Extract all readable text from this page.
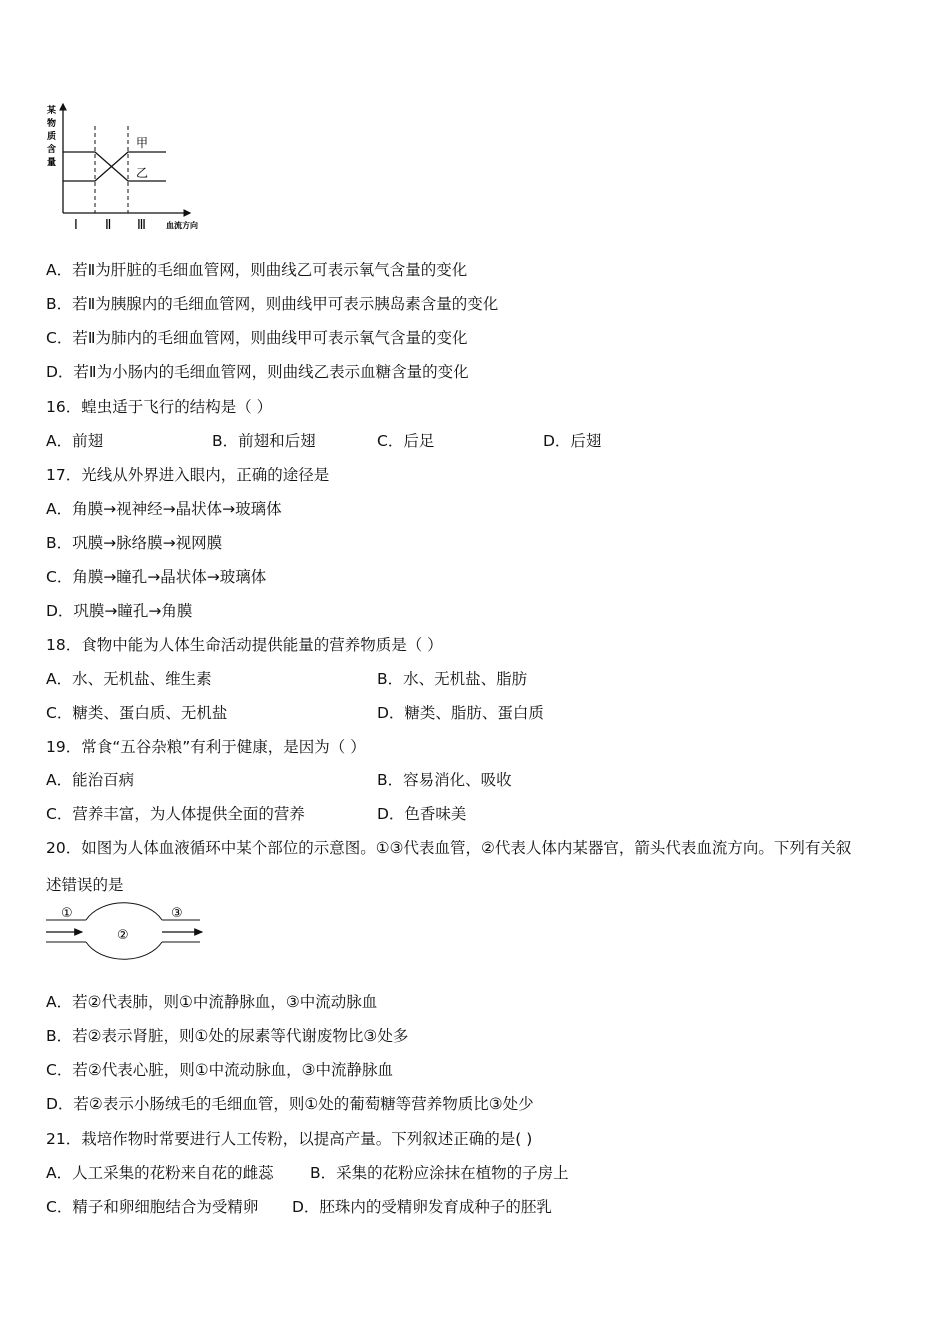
甲
乙
某
物
质
含
量
Ⅰ Ⅱ Ⅲ	血流方向
A．若Ⅱ为肝脏的毛细血管网，则曲线乙可表示氧气含量的变化
B．若Ⅱ为胰腺内的毛细血管网，则曲线甲可表示胰岛素含量的变化
C．若Ⅱ为肺内的毛细血管网，则曲线甲可表示氧气含量的变化
D．若Ⅱ为小肠内的毛细血管网，则曲线乙表示血糖含量的变化
16．蝗虫适于飞行的结构是（ ）
A．前翅	B．前翅和后翅	C．后足	D．后翅
17．光线从外界进入眼内，正确的途径是
A．角膜→视神经→晶状体→玻璃体
B．巩膜→脉络膜→视网膜
C．角膜→瞳孔→晶状体→玻璃体
D．巩膜→瞳孔→角膜
18．食物中能为人体生命活动提供能量的营养物质是（ ）
A．水、无机盐、维生素	B．水、无机盐、脂肪
C．糖类、蛋白质、无机盐	D．糖类、脂肪、蛋白质
19．常食“五谷杂粮”有利于健康，是因为（ ）
A．能治百病	B．容易消化、吸收
C．营养丰富，为人体提供全面的营养	D．色香味美
20．如图为人体血液循环中某个部位的示意图。①③代表血管，②代表人体内某器官，箭头代表血流方向。下列有关叙
述错误的是
①
②
③
A．若②代表肺，则①中流静脉血，③中流动脉血
B．若②表示肾脏，则①处的尿素等代谢废物比③处多
C．若②代表心脏，则①中流动脉血，③中流静脉血
D．若②表示小肠绒毛的毛细血管，则①处的葡萄糖等营养物质比③处少
21．栽培作物时常要进行人工传粉，以提高产量。下列叙述正确的是( )
A．人工采集的花粉来自花的雌蕊 B．采集的花粉应涂抹在植物的子房上
C．精子和卵细胞结合为受精卵 D．胚珠内的受精卵发育成种子的胚乳
